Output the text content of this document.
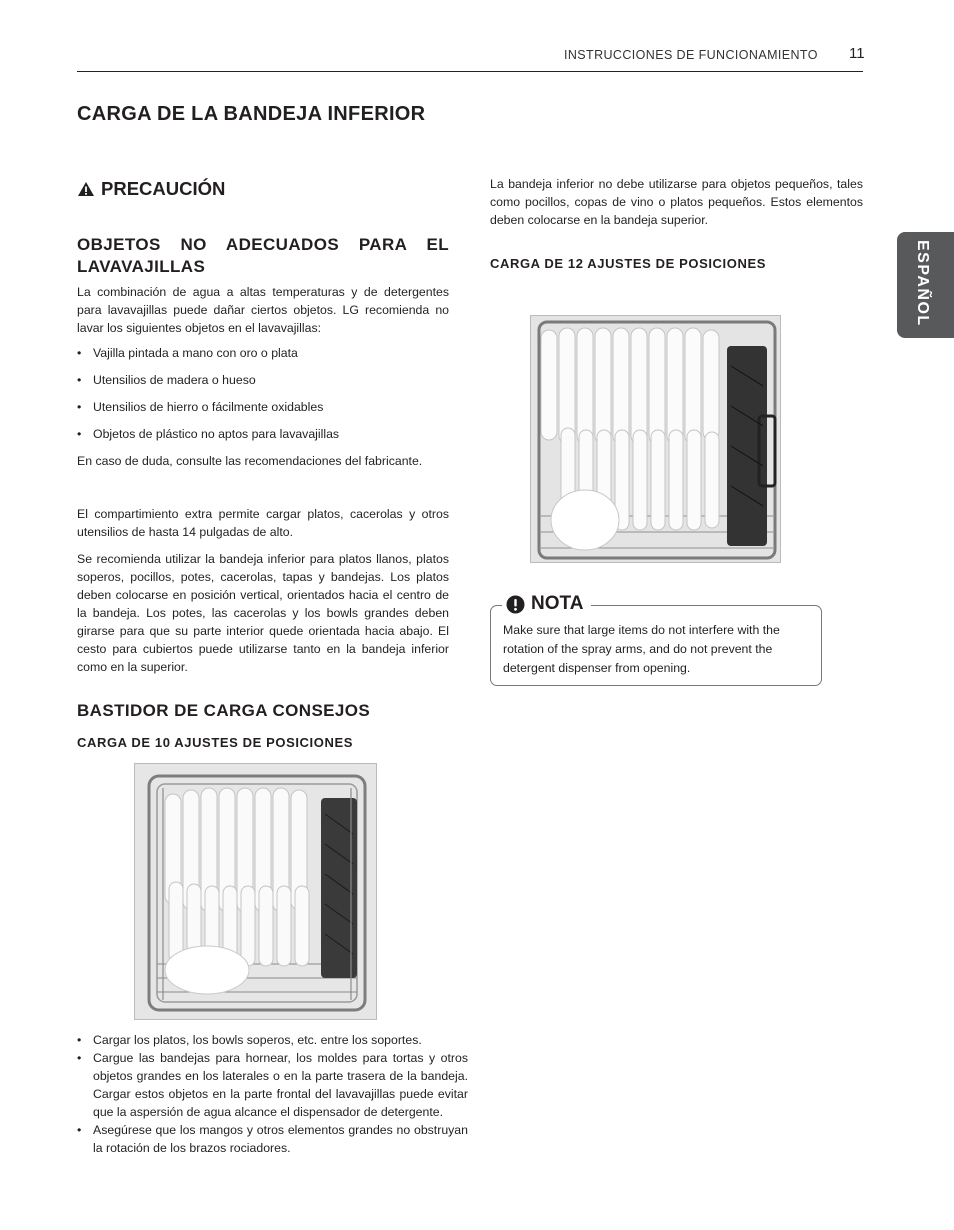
INSTRUCCIONES DE FUNCIONAMIENTO 11
ESPAÑOL
CARGA DE LA BANDEJA INFERIOR
PRECAUCIÓN
OBJETOS NO ADECUADOS PARA EL LAVAVAJILLAS
La combinación de agua a altas temperaturas y de detergentes para lavavajillas puede dañar ciertos objetos. LG recomienda no lavar los siguientes objetos en el lavavajillas:
• Vajilla pintada a mano con oro o plata
• Utensilios de madera o hueso
• Utensilios de hierro o fácilmente oxidables
• Objetos de plástico no aptos para lavavajillas
En caso de duda, consulte las recomendaciones del fabricante.
El compartimiento extra permite cargar platos, cacerolas y otros utensilios de hasta 14 pulgadas de alto.
Se recomienda utilizar la bandeja inferior para platos llanos, platos soperos, pocillos, potes, cacerolas, tapas y bandejas. Los platos deben colocarse en posición vertical, orientados hacia el centro de la bandeja. Los potes, las cacerolas y los bowls grandes deben girarse para que su parte interior quede orientada hacia abajo. El cesto para cubiertos puede utilizarse tanto en la bandeja inferior como en la superior.
BASTIDOR DE CARGA CONSEJOS
CARGA DE 10 AJUSTES DE POSICIONES
• Cargar los platos, los bowls soperos, etc. entre los soportes.
• Cargue las bandejas para hornear, los moldes para tortas y otros objetos grandes en los laterales o en la parte trasera de la bandeja. Cargar estos objetos en la parte frontal del lavavajillas puede evitar que la aspersión de agua alcance el dispensador de detergente.
• Asegúrese que los mangos y otros elementos grandes no obstruyan la rotación de los brazos rociadores.
La bandeja inferior no debe utilizarse para objetos pequeños, tales como pocillos, copas de vino o platos pequeños. Estos elementos deben colocarse en la bandeja superior.
CARGA DE 12 AJUSTES DE POSICIONES
NOTA
Make sure that large items do not interfere with the rotation of the spray arms, and do not prevent the detergent dispenser from opening.
